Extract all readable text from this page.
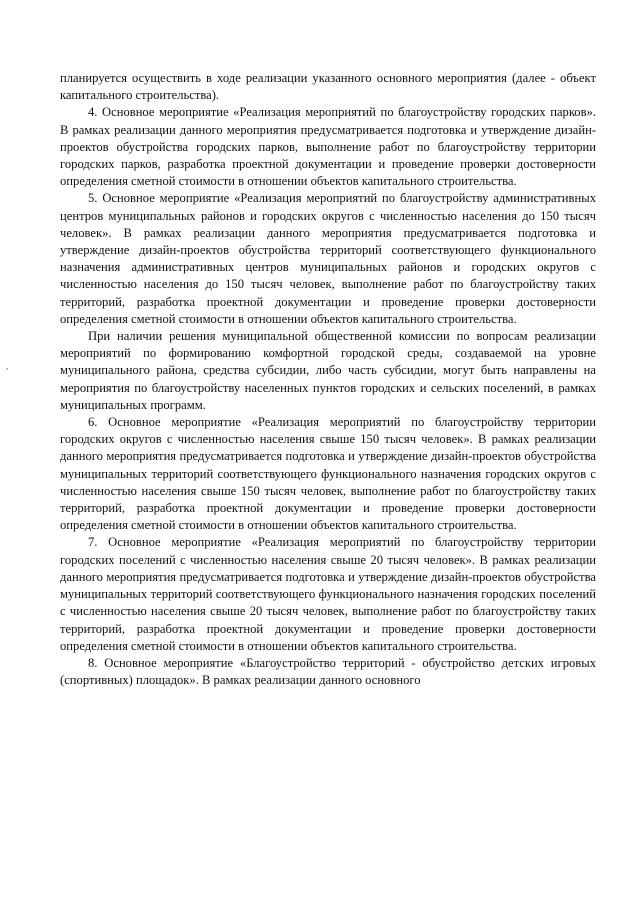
планируется осуществить в ходе реализации указанного основного мероприятия (далее - объект капитального строительства).

4. Основное мероприятие «Реализация мероприятий по благоустройству городских парков». В рамках реализации данного мероприятия предусматривается подготовка и утверждение дизайн-проектов обустройства городских парков, выполнение работ по благоустройству территории городских парков, разработка проектной документации и проведение проверки достоверности определения сметной стоимости в отношении объектов капитального строительства.

5. Основное мероприятие «Реализация мероприятий по благоустройству административных центров муниципальных районов и городских округов с численностью населения до 150 тысяч человек». В рамках реализации данного мероприятия предусматривается подготовка и утверждение дизайн-проектов обустройства территорий соответствующего функционального назначения административных центров муниципальных районов и городских округов с численностью населения до 150 тысяч человек, выполнение работ по благоустройству таких территорий, разработка проектной документации и проведение проверки достоверности определения сметной стоимости в отношении объектов капитального строительства.

При наличии решения муниципальной общественной комиссии по вопросам реализации мероприятий по формированию комфортной городской среды, создаваемой на уровне муниципального района, средства субсидии, либо часть субсидии, могут быть направлены на мероприятия по благоустройству населенных пунктов городских и сельских поселений, в рамках муниципальных программ.

6. Основное мероприятие «Реализация мероприятий по благоустройству территории городских округов с численностью населения свыше 150 тысяч человек». В рамках реализации данного мероприятия предусматривается подготовка и утверждение дизайн-проектов обустройства муниципальных территорий соответствующего функционального назначения городских округов с численностью населения свыше 150 тысяч человек, выполнение работ по благоустройству таких территорий, разработка проектной документации и проведение проверки достоверности определения сметной стоимости в отношении объектов капитального строительства.

7. Основное мероприятие «Реализация мероприятий по благоустройству территории городских поселений с численностью населения свыше 20 тысяч человек». В рамках реализации данного мероприятия предусматривается подготовка и утверждение дизайн-проектов обустройства муниципальных территорий соответствующего функционального назначения городских поселений с численностью населения свыше 20 тысяч человек, выполнение работ по благоустройству таких территорий, разработка проектной документации и проведение проверки достоверности определения сметной стоимости в отношении объектов капитального строительства.

8. Основное мероприятие «Благоустройство территорий - обустройство детских игровых (спортивных) площадок». В рамках реализации данного основного
